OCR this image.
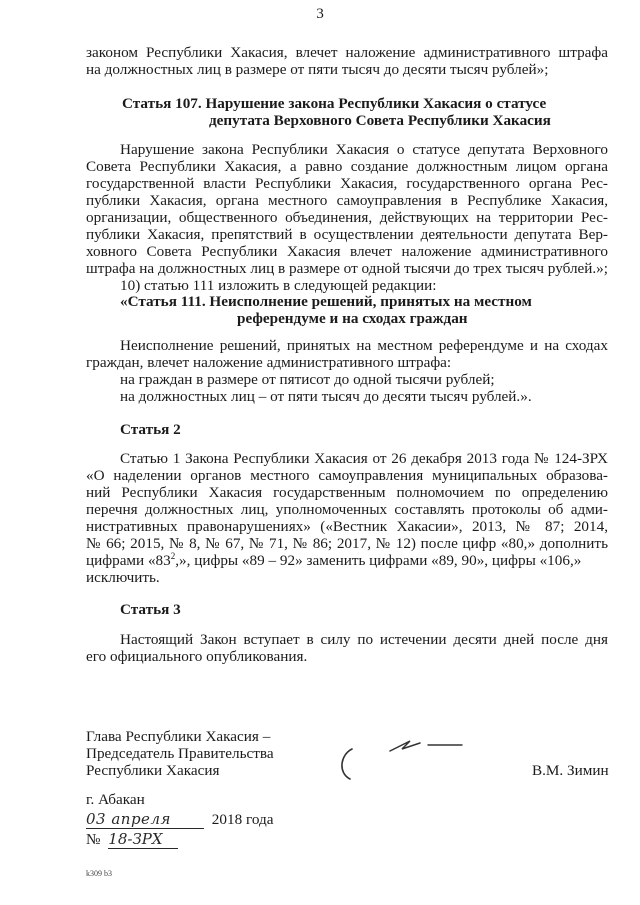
3
законом Республики Хакасия, влечет наложение административного штрафа
на должностных лиц в размере от пяти тысяч до десяти тысяч рублей»;
Статья 107. Нарушение закона Республики Хакасия о статусе
депутата Верховного Совета Республики Хакасия
Нарушение закона Республики Хакасия о статусе депутата Верховного
Совета Республики Хакасия, а равно создание должностным лицом органа
государственной власти Республики Хакасия, государственного органа Рес-
публики Хакасия, органа местного самоуправления в Республике Хакасия,
организации, общественного объединения, действующих на территории Рес-
публики Хакасия, препятствий в осуществлении деятельности депутата Вер-
ховного Совета Республики Хакасия влечет наложение административного
штрафа на должностных лиц в размере от одной тысячи до трех тысяч рублей.»;
10) статью 111 изложить в следующей редакции:
«Статья 111. Неисполнение решений, принятых на местном
референдуме и на сходах граждан
Неисполнение решений, принятых на местном референдуме и на сходах
граждан, влечет наложение административного штрафа:
на граждан в размере от пятисот до одной тысячи рублей;
на должностных лиц – от пяти тысяч до десяти тысяч рублей.».
Статья 2
Статью 1 Закона Республики Хакасия от 26 декабря 2013 года № 124-ЗРХ
«О наделении органов местного самоуправления муниципальных образова-
ний Республики Хакасия государственным полномочием по определению
перечня должностных лиц, уполномоченных составлять протоколы об адми-
нистративных правонарушениях» («Вестник Хакасии», 2013, № 87; 2014,
№ 66; 2015, № 8, № 67, № 71, № 86; 2017, № 12) после цифр «80,» дополнить
цифрами «$83^2$,», цифры «89 – 92» заменить цифрами «89, 90», цифры «106,»
исключить.
Статья 3
Настоящий Закон вступает в силу по истечении десяти дней после дня
его официального опубликования.
Глава Республики Хакасия –
Председатель Правительства
Республики Хакасия	В.М. Зимин
г. Абакан
03 апреля	2018 года
№ 18-ЗРХ
k309 b3
